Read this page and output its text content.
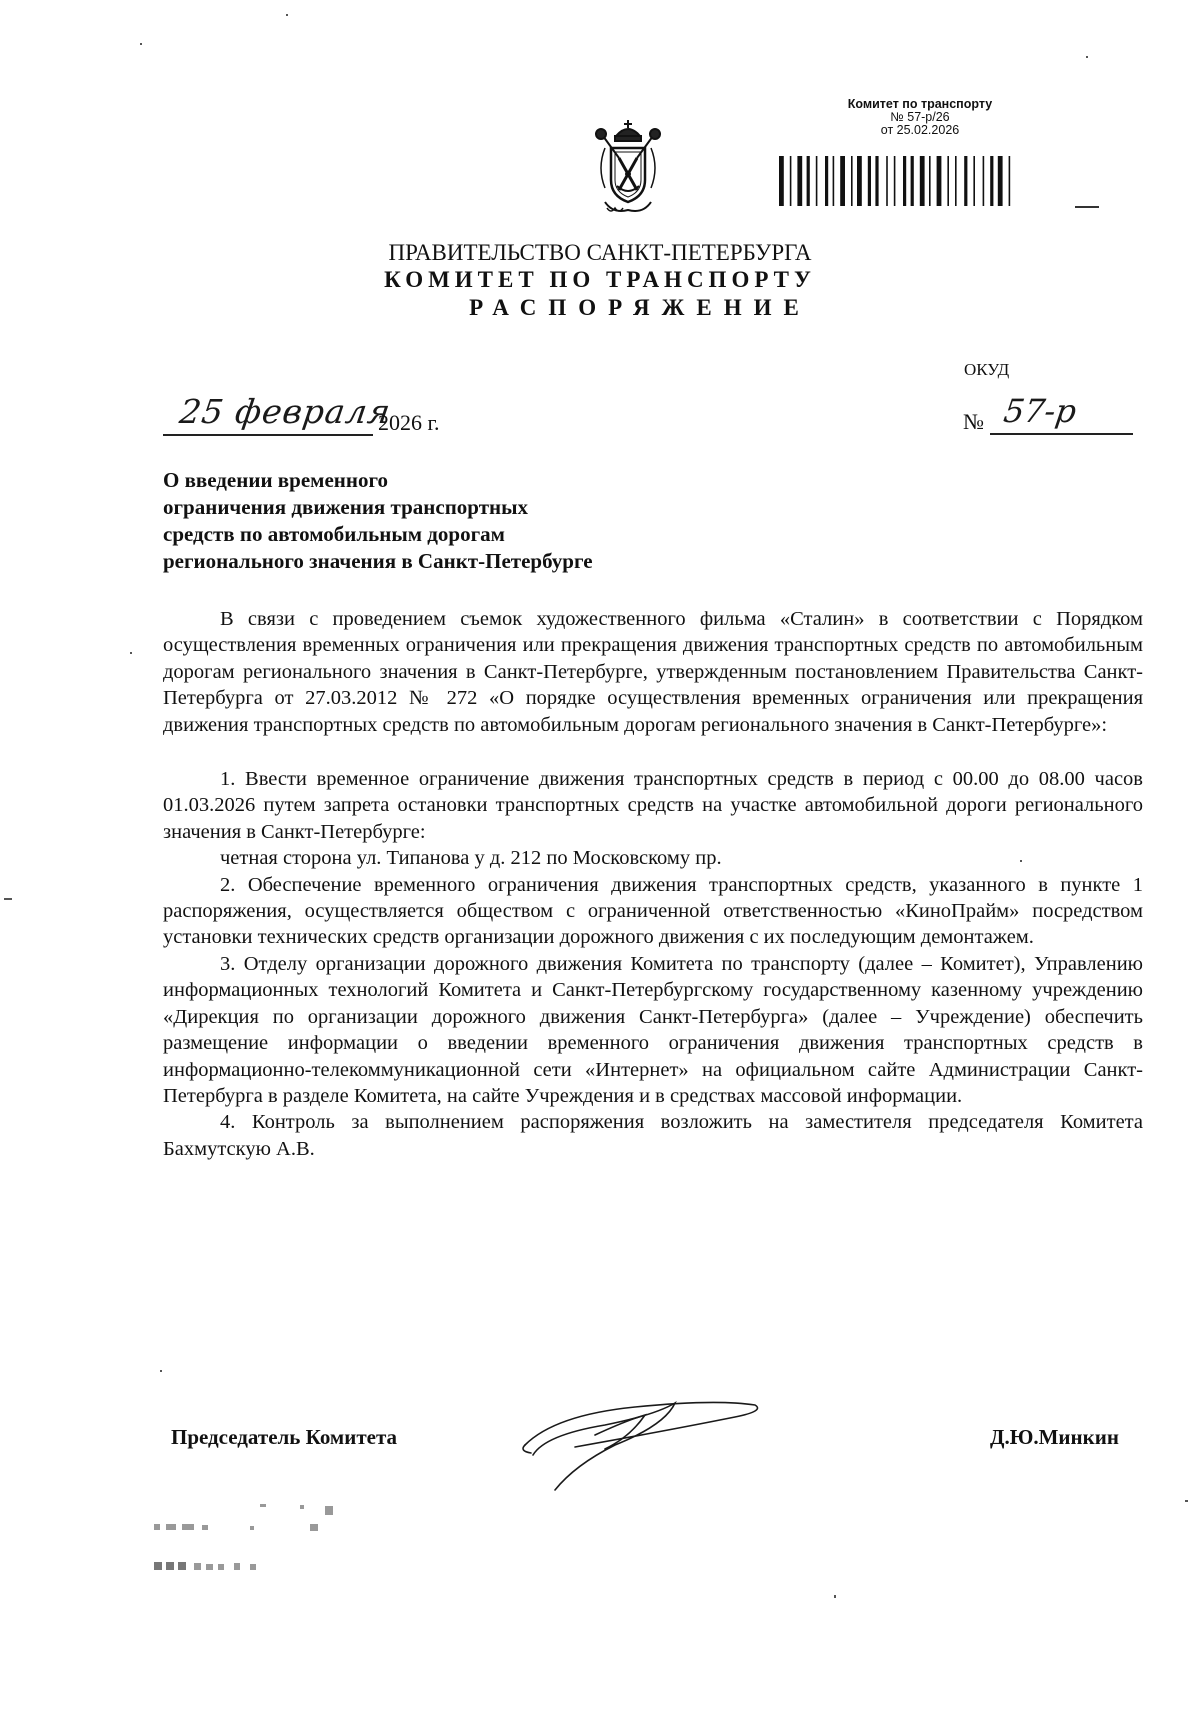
Комитет по транспорту
№ 57-р/26
от 25.02.2026
ПРАВИТЕЛЬСТВО САНКТ-ПЕТЕРБУРГА
КОМИТЕТ ПО ТРАНСПОРТУ
РАСПОРЯЖЕНИЕ
ОКУД
25 февраля
2026 г.	№ 57-р
О введении временного
ограничения движения транспортных
средств по автомобильным дорогам
регионального значения в Санкт-Петербурге

В связи с проведением съемок художественного фильма «Сталин» в соответствии с Порядком осуществления временных ограничения или прекращения движения транспортных средств по автомобильным дорогам регионального значения в Санкт-Петербурге, утвержденным постановлением Правительства Санкт-Петербурга от 27.03.2012 № 272 «О порядке осуществления временных ограничения или прекращения движения транспортных средств по автомобильным дорогам регионального значения в Санкт-Петербурге»:

1. Ввести временное ограничение движения транспортных средств в период с 00.00 до 08.00 часов 01.03.2026 путем запрета остановки транспортных средств на участке автомобильной дороги регионального значения в Санкт-Петербурге:

четная сторона ул. Типанова у д. 212 по Московскому пр.

2. Обеспечение временного ограничения движения транспортных средств, указанного в пункте 1 распоряжения, осуществляется обществом с ограниченной ответственностью «КиноПрайм» посредством установки технических средств организации дорожного движения с их последующим демонтажем.

3. Отделу организации дорожного движения Комитета по транспорту (далее – Комитет), Управлению информационных технологий Комитета и Санкт-Петербургскому государственному казенному учреждению «Дирекция по организации дорожного движения Санкт-Петербурга» (далее – Учреждение) обеспечить размещение информации о введении временного ограничения движения транспортных средств в информационно-телекоммуникационной сети «Интернет» на официальном сайте Администрации Санкт-Петербурга в разделе Комитета, на сайте Учреждения и в средствах массовой информации.

4. Контроль за выполнением распоряжения возложить на заместителя председателя Комитета Бахмутскую А.В.

Председатель Комитета	Д.Ю.Минкин
